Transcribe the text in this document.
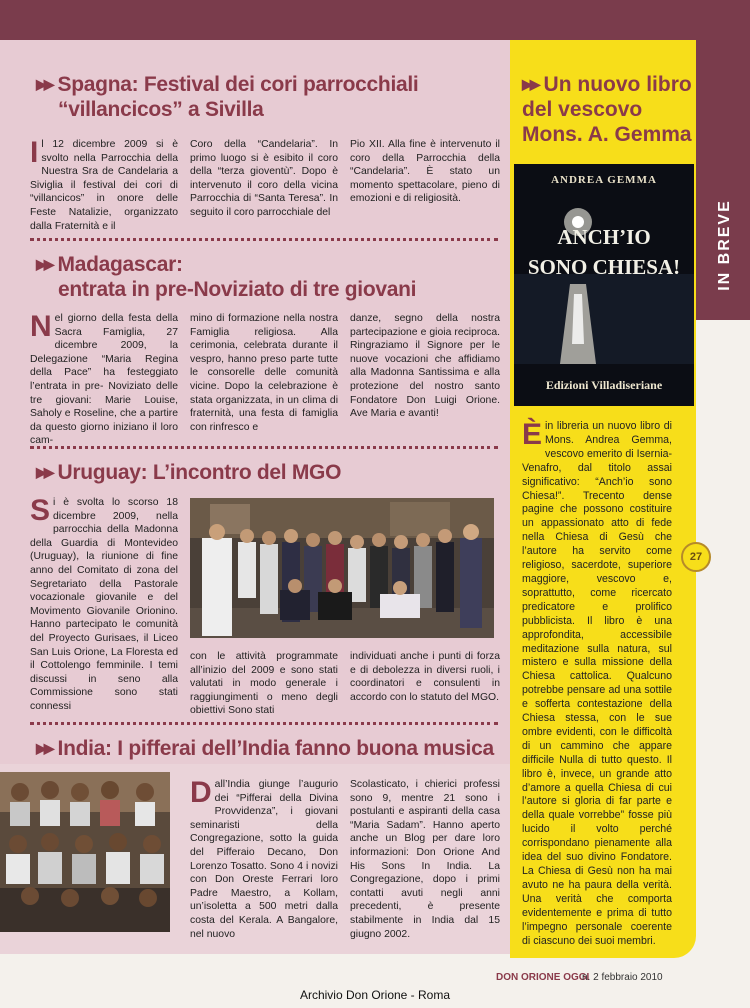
IN BREVE
27
▶▶ Spagna: Festival dei cori parrocchiali
“villancicos” a Sivilla

Il 12 dicembre 2009 si è svolto nella Parrocchia della Nuestra Sra de Candelaria a Siviglia il festival dei cori di “villancicos” in onore delle Feste Natalizie, organizzato dalla Fraternità e il

Coro della “Candelaria”. In primo luogo si è esibito il coro della “terza gioventù”. Dopo è intervenuto il coro della vicina Parrocchia di “Santa Teresa”. In seguito il coro parrocchiale del

Pio XII. Alla fine è intervenuto il coro della Parrocchia della “Candelaria”. È stato un momento spettacolare, pieno di emozioni e di religiosità.

▶▶ Madagascar:
entrata in pre-Noviziato di tre giovani

Nel giorno della festa della Sacra Famiglia, 27 dicembre 2009, la Delegazione “Maria Regina della Pace” ha festeggiato l’entrata in pre- Noviziato delle tre giovani: Marie Louise, Saholy e Roseline, che a partire da questo giorno iniziano il loro cam-

mino di formazione nella nostra Famiglia religiosa. Alla cerimonia, celebrata durante il vespro, hanno preso parte tutte le consorelle delle comunità vicine. Dopo la celebrazione è stata organizzata, in un clima di fraternità, una festa di famiglia con rinfresco e

danze, segno della nostra partecipazione e gioia reciproca. Ringraziamo il Signore per le nuove vocazioni che affidiamo alla Madonna Santissima e alla protezione del nostro santo Fondatore Don Luigi Orione. Ave Maria e avanti!

▶▶ Uruguay: L’incontro del MGO

Si è svolta lo scorso 18 dicembre 2009, nella parrocchia della Madonna della Guardia di Montevideo (Uruguay), la riunione di fine anno del Comitato di zona del Segretariato della Pastorale vocazionale giovanile e del Movimento Giovanile Orionino. Hanno partecipato le comunità del Proyecto Gurisaes, il Liceo San Luis Orione, La Floresta ed il Cottolengo femminile. I temi discussi in seno alla Commissione sono stati connessi

con le attività programmate all’inizio del 2009 e sono stati valutati in modo generale i raggiungimenti o meno degli obiettivi Sono stati

individuati anche i punti di forza e di debolezza in diversi ruoli, i coordinatori e consulenti in accordo con lo statuto del MGO.

▶▶ India: I pifferai dell’India fanno buona musica

Dall’India giunge l’augurio dei “Pifferai della Divina Provvidenza”, i giovani seminaristi della Congregazione, sotto la guida del Pifferaio Decano, Don Lorenzo Tosatto. Sono 4 i novizi con Don Oreste Ferrari loro Padre Maestro, a Kollam, un’isoletta a 500 metri dalla costa del Kerala. A Bangalore, nel nuovo

Scolasticato, i chierici professi sono 9, mentre 21 sono i postulanti e aspiranti della casa “Maria Sadam”. Hanno aperto anche un Blog per dare loro informazioni: Don Orione And His Sons In India. La Congregazione, dopo i primi contatti avuti negli anni precedenti, è presente stabilmente in India dal 15 giugno 2002.

▶▶ Un nuovo libro del vescovo Mons. A. Gemma
ANDREA GEMMA
ANCH’IO
SONO CHIESA!
Edizioni Villadiseriane

Èin libreria un nuovo libro di Mons. Andrea Gemma, vescovo emerito di Isernia-Venafro, dal titolo assai significativo: “Anch’io sono Chiesa!”. Trecento dense pagine che possono costituire un appassionato atto di fede nella Chiesa di Gesù che l’autore ha servito come religioso, sacerdote, superiore maggiore, vescovo e, soprattutto, come ricercato predicatore e prolifico pubblicista. Il libro è una approfondita, accessibile meditazione sulla natura, sul mistero e sulla missione della Chiesa cattolica. Qualcuno potrebbe pensare ad una sottile e sofferta contestazione della Chiesa stessa, con le sue ombre evidenti, con le difficoltà di un cammino che appare difficile Nulla di tutto questo. Il libro è, invece, un grande atto d’amore a quella Chiesa di cui l’autore si gloria di far parte e della quale vorrebbe” fosse più lucido il volto perché corrispondano pienamente alla idea del suo divino Fondatore. La Chiesa di Gesù non ha mai avuto ne ha paura della verità. Una verità che comporta evidentemente e prima di tutto l’impegno personale coerente di ciascuno dei suoi membri.

DON ORIONE OGGI
n. 2 febbraio 2010
Archivio Don Orione - Roma
